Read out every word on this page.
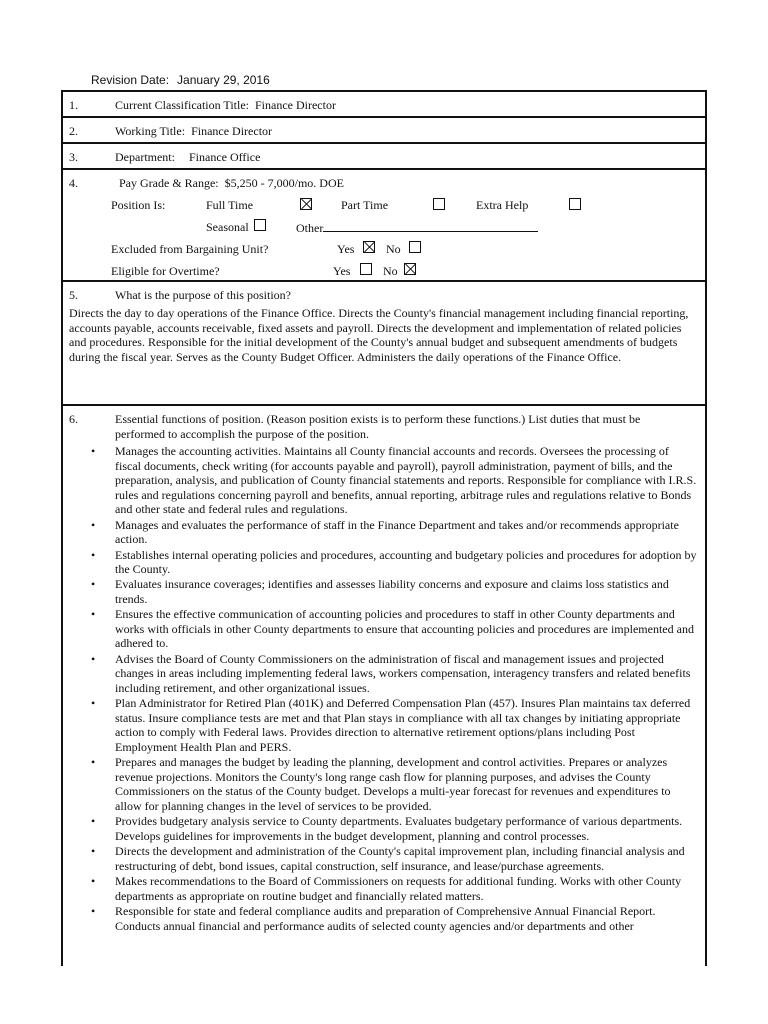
Revision Date: January 29, 2016
1.	Current Classification Title: Finance Director
2.	Working Title: Finance Director
3.	Department: Finance Office
4.	Pay Grade & Range: $5,250 - 7,000/mo. DOE
Position Is:	Full Time	Part Time	Extra Help
Seasonal	Other
Excluded from Bargaining Unit?	Yes	No
Eligible for Overtime?	Yes	No
5.	What is the purpose of this position?

Directs the day to day operations of the Finance Office. Directs the County's financial management including financial reporting, accounts payable, accounts receivable, fixed assets and payroll. Directs the development and implementation of related policies and procedures. Responsible for the initial development of the County's annual budget and subsequent amendments of budgets during the fiscal year. Serves as the County Budget Officer. Administers the daily operations of the Finance Office.

6.	Essential functions of position. (Reason position exists is to perform these functions.) List duties that must be performed to accomplish the purpose of the position.

• Manages the accounting activities. Maintains all County financial accounts and records. Oversees the processing of fiscal documents, check writing (for accounts payable and payroll), payroll administration, payment of bills, and the preparation, analysis, and publication of County financial statements and reports. Responsible for compliance with I.R.S. rules and regulations concerning payroll and benefits, annual reporting, arbitrage rules and regulations relative to Bonds and other state and federal rules and regulations.
• Manages and evaluates the performance of staff in the Finance Department and takes and/or recommends appropriate action.
• Establishes internal operating policies and procedures, accounting and budgetary policies and procedures for adoption by the County.
• Evaluates insurance coverages; identifies and assesses liability concerns and exposure and claims loss statistics and trends.
• Ensures the effective communication of accounting policies and procedures to staff in other County departments and works with officials in other County departments to ensure that accounting policies and procedures are implemented and adhered to.
• Advises the Board of County Commissioners on the administration of fiscal and management issues and projected changes in areas including implementing federal laws, workers compensation, interagency transfers and related benefits including retirement, and other organizational issues.
• Plan Administrator for Retired Plan (401K) and Deferred Compensation Plan (457). Insures Plan maintains tax deferred status. Insure compliance tests are met and that Plan stays in compliance with all tax changes by initiating appropriate action to comply with Federal laws. Provides direction to alternative retirement options/plans including Post Employment Health Plan and PERS.
• Prepares and manages the budget by leading the planning, development and control activities. Prepares or analyzes revenue projections. Monitors the County's long range cash flow for planning purposes, and advises the County Commissioners on the status of the County budget. Develops a multi-year forecast for revenues and expenditures to allow for planning changes in the level of services to be provided.
• Provides budgetary analysis service to County departments. Evaluates budgetary performance of various departments. Develops guidelines for improvements in the budget development, planning and control processes.
• Directs the development and administration of the County's capital improvement plan, including financial analysis and restructuring of debt, bond issues, capital construction, self insurance, and lease/purchase agreements.
• Makes recommendations to the Board of Commissioners on requests for additional funding. Works with other County departments as appropriate on routine budget and financially related matters.
• Responsible for state and federal compliance audits and preparation of Comprehensive Annual Financial Report. Conducts annual financial and performance audits of selected county agencies and/or departments and other
